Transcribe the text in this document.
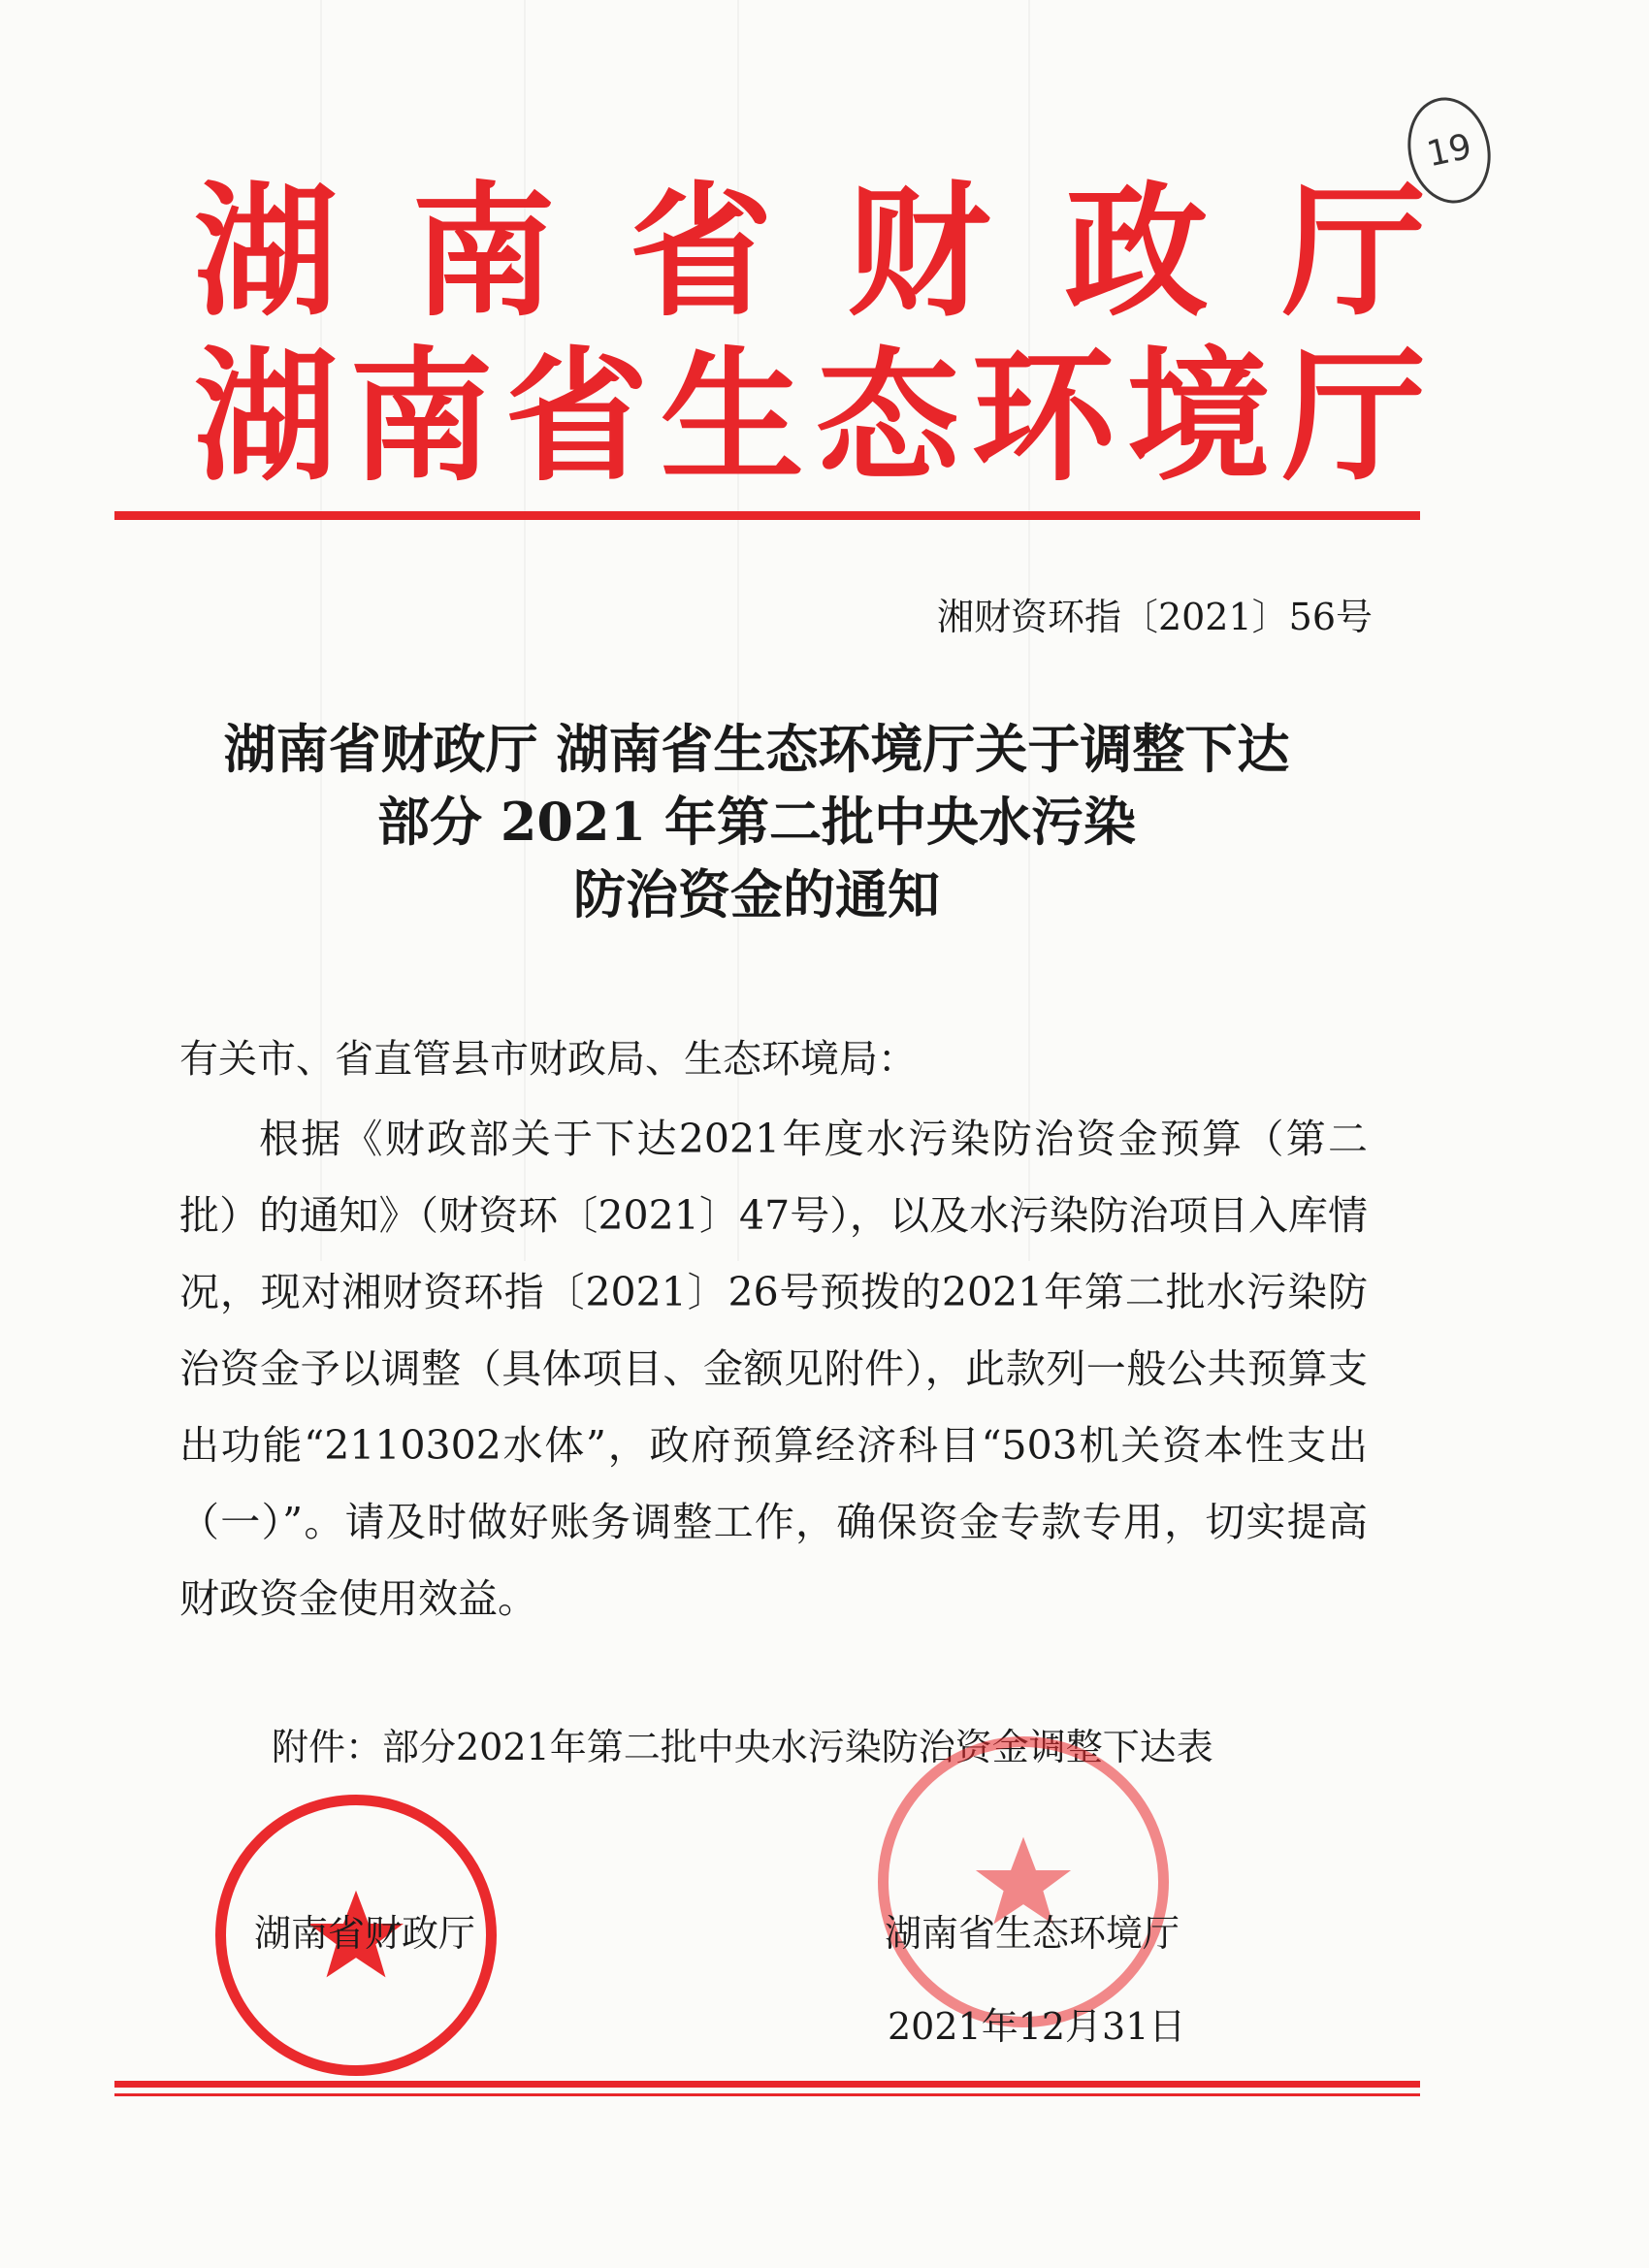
19
湖南省财政厅
湖南省生态环境厅
湘财资环指〔2021〕56号
湖南省财政厅 湖南省生态环境厅关于调整下达
部分 2021 年第二批中央水污染
防治资金的通知
有关市、省直管县市财政局、生态环境局：

根据《财政部关于下达2021年度水污染防治资金预算（第二批）的通知》（财资环〔2021〕47号），以及水污染防治项目入库情况，现对湘财资环指〔2021〕26号预拨的2021年第二批水污染防治资金予以调整（具体项目、金额见附件），此款列一般公共预算支出功能“2110302水体”，政府预算经济科目“503机关资本性支出（一）”。请及时做好账务调整工作，确保资金专款专用，切实提高财政资金使用效益。

附件：部分2021年第二批中央水污染防治资金调整下达表
湖南省财政厅	湖南省生态环境厅
2021年12月31日
